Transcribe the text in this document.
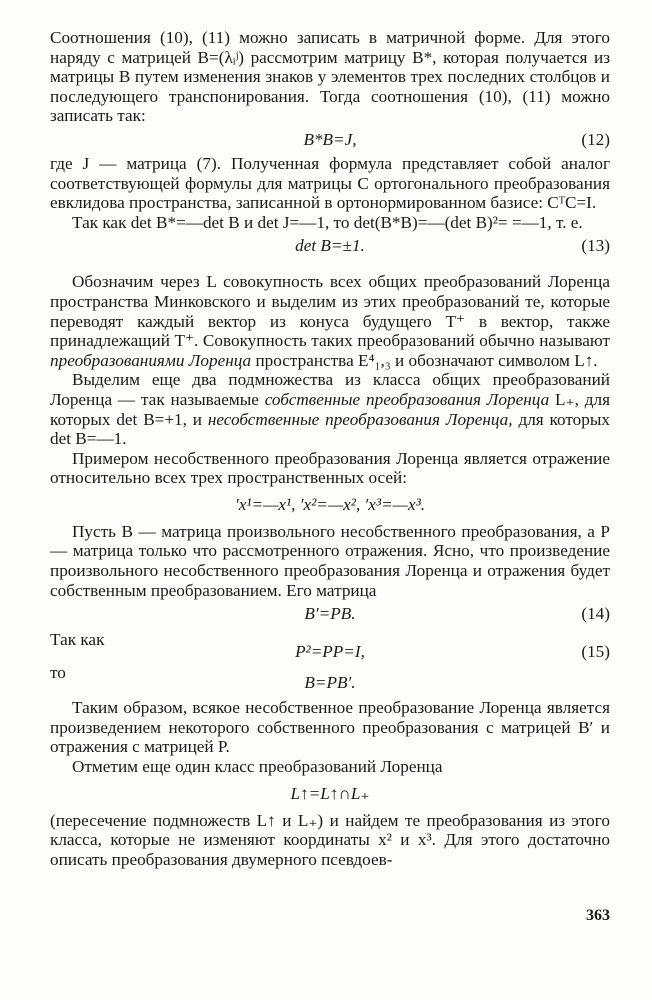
Соотношения (10), (11) можно записать в матричной форме. Для этого наряду с матрицей B=(λᵢʲ) рассмотрим матрицу B*, которая получается из матрицы B путем изменения знаков у элементов трех последних столбцов и последующего транспонирования. Тогда соотношения (10), (11) можно записать так:

B*B=J,	(12)

где J — матрица (7). Полученная формула представляет собой аналог соответствующей формулы для матрицы C ортогонального преобразования евклидова пространства, записанной в ортонормированном базисе: CᵀC=I.

Так как det B*=—det B и det J=—1, то det(B*B)=—(det B)²= =—1, т. е.

det B=±1.	(13)

Обозначим через L совокупность всех общих преобразований Лоренца пространства Минковского и выделим из этих преобразований те, которые переводят каждый вектор из конуса будущего T⁺ в вектор, также принадлежащий T⁺. Совокупность таких преобразований обычно называют преобразованиями Лоренца пространства E⁴₁,₃ и обозначают символом L↑.

Выделим еще два подмножества из класса общих преобразований Лоренца — так называемые собственные преобразования Лоренца L₊, для которых det B=+1, и несобственные преобразования Лоренца, для которых det B=—1.

Примером несобственного преобразования Лоренца является отражение относительно всех трех пространственных осей:

′x¹=—x¹, ′x²=—x², ′x³=—x³.

Пусть B — матрица произвольного несобственного преобразования, а P — матрица только что рассмотренного отражения. Ясно, что произведение произвольного несобственного преобразования Лоренца и отражения будет собственным преобразованием. Его матрица

B′=PB.	(14)
Так как
P²=PP=I,	(15)
то
B=PB′.

Таким образом, всякое несобственное преобразование Лоренца является произведением некоторого собственного преобразования с матрицей B′ и отражения с матрицей P.

Отметим еще один класс преобразований Лоренца

L↑=L↑∩L₊

(пересечение подмножеств L↑ и L₊) и найдем те преобразования из этого класса, которые не изменяют координаты x² и x³. Для этого достаточно описать преобразования двумерного псевдоев-

363
